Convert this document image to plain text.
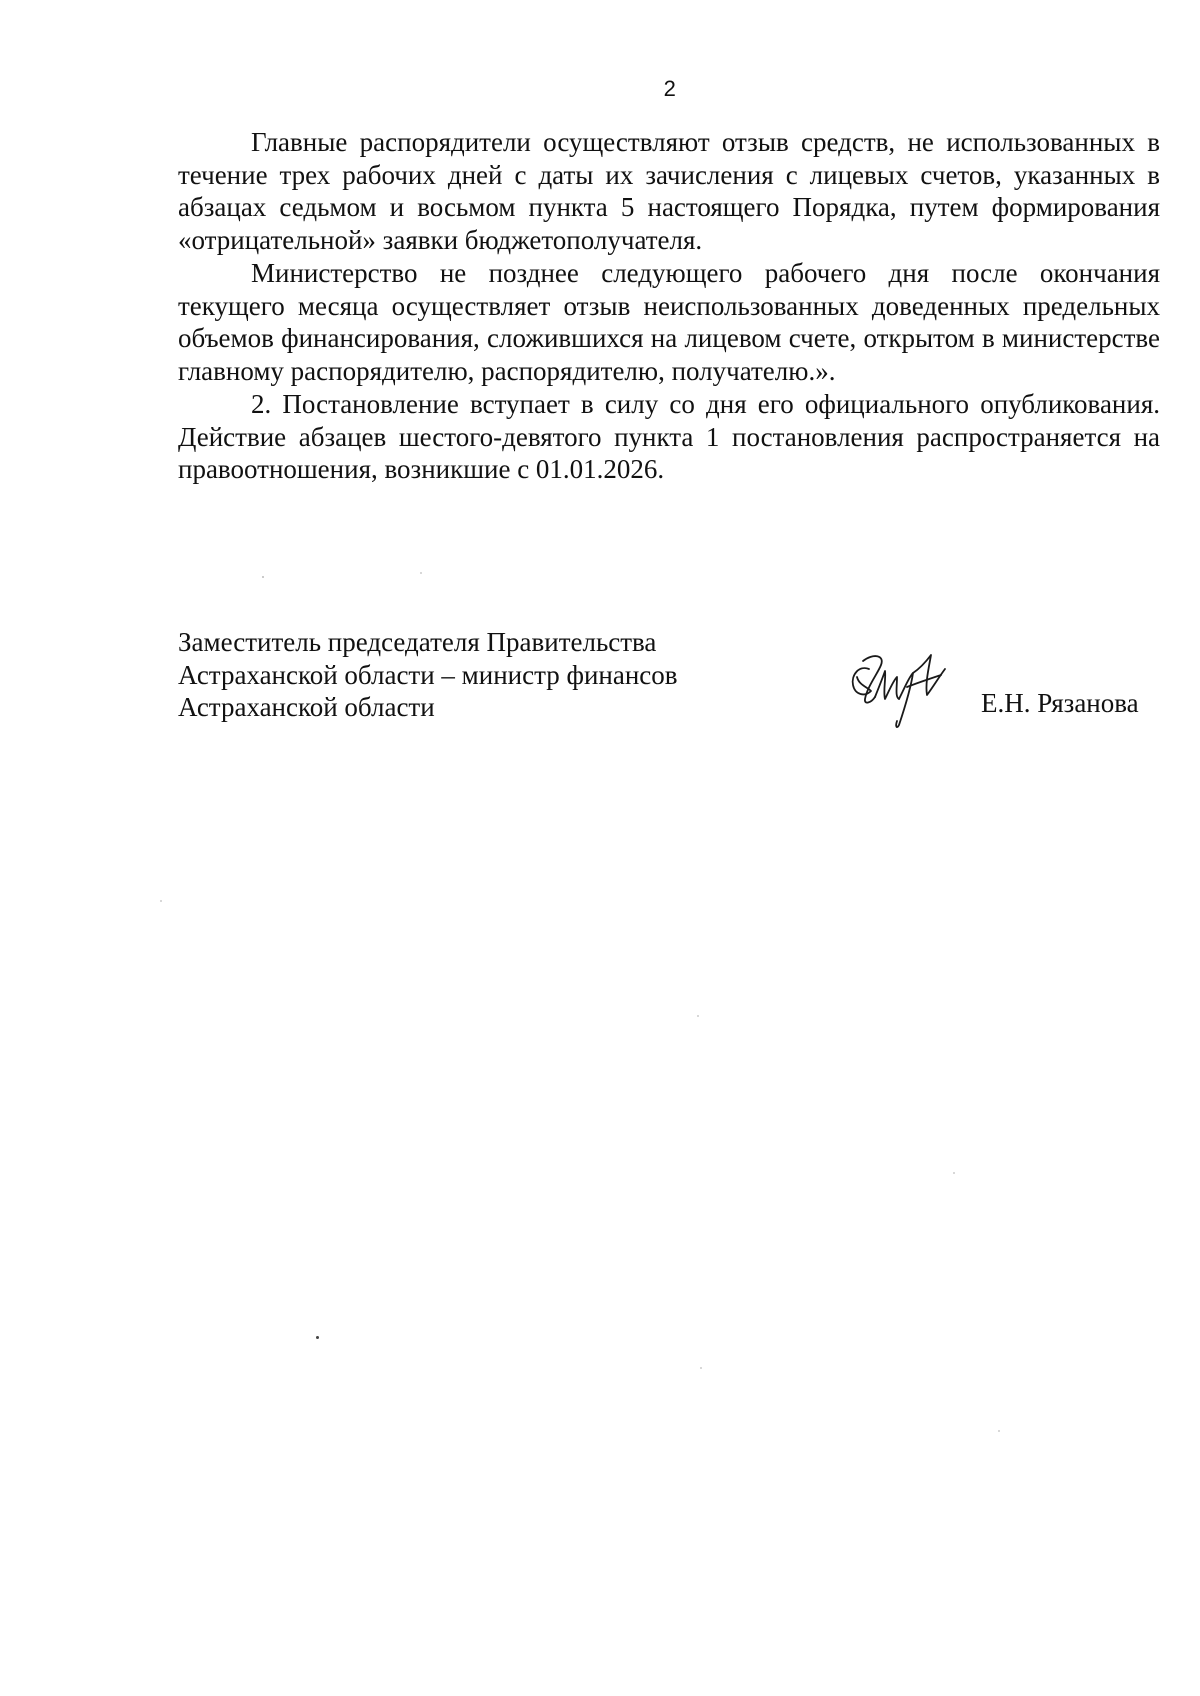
2

Главные распорядители осуществляют отзыв средств, не использованных в течение трех рабочих дней с даты их зачисления с лицевых счетов, указанных в абзацах седьмом и восьмом пункта 5 настоящего Порядка, путем формирования «отрицательной» заявки бюджетополучателя.

Министерство не позднее следующего рабочего дня после окончания текущего месяца осуществляет отзыв неиспользованных доведенных предельных объемов финансирования, сложившихся на лицевом счете, открытом в министерстве главному распорядителю, распорядителю, получателю.».

2. Постановление вступает в силу со дня его официального опубликования. Действие абзацев шестого-девятого пункта 1 постановления распространяется на правоотношения, возникшие с 01.01.2026.

Заместитель председателя Правительства
Астраханской области – министр финансов
Астраханской области	Е.Н. Рязанова
